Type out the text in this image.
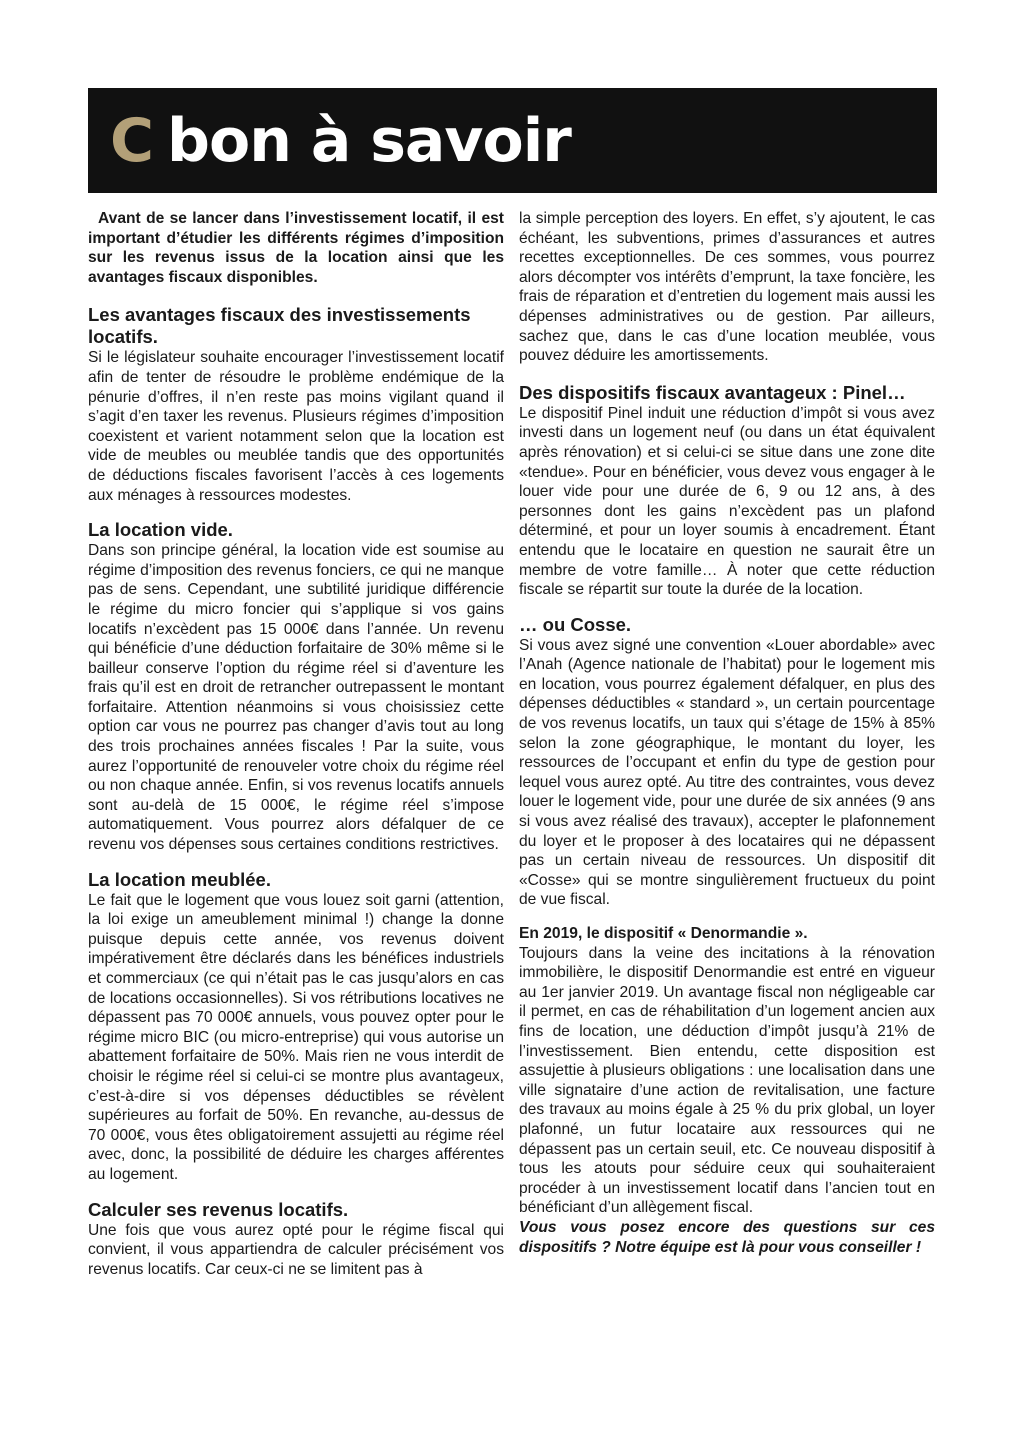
C bon à savoir

Avant de se lancer dans l’investissement locatif, il est important d’étudier les différents régimes d’imposition sur les revenus issus de la location ainsi que les avantages fiscaux disponibles.

Les avantages fiscaux des investissements locatifs.

Si le législateur souhaite encourager l’investissement locatif afin de tenter de résoudre le problème endémique de la pénurie d’offres, il n’en reste pas moins vigilant quand il s’agit d’en taxer les revenus. Plusieurs régimes d’imposition coexistent et varient notamment selon que la location est vide de meubles ou meublée tandis que des opportunités de déductions fiscales favorisent l’accès à ces logements aux ménages à ressources modestes.

La location vide.

Dans son principe général, la location vide est soumise au régime d’imposition des revenus fonciers, ce qui ne manque pas de sens. Cependant, une subtilité juridique différencie le régime du micro foncier qui s’applique si vos gains locatifs n’excèdent pas 15 000€ dans l’année. Un revenu qui bénéficie d’une déduction forfaitaire de 30% même si le bailleur conserve l’option du régime réel si d’aventure les frais qu’il est en droit de retrancher outrepassent le montant forfaitaire. Attention néanmoins si vous choisissiez cette option car vous ne pourrez pas changer d’avis tout au long des trois prochaines années fiscales ! Par la suite, vous aurez l’opportunité de renouveler votre choix du régime réel ou non chaque année. Enfin, si vos revenus locatifs annuels sont au-delà de 15 000€, le régime réel s’impose automatiquement. Vous pourrez alors défalquer de ce revenu vos dépenses sous certaines conditions restrictives.

La location meublée.

Le fait que le logement que vous louez soit garni (attention, la loi exige un ameublement minimal !) change la donne puisque depuis cette année, vos revenus doivent impérativement être déclarés dans les bénéfices industriels et commerciaux (ce qui n’était pas le cas jusqu’alors en cas de locations occasionnelles). Si vos rétributions locatives ne dépassent pas 70 000€ annuels, vous pouvez opter pour le régime micro BIC (ou micro-entreprise) qui vous autorise un abattement forfaitaire de 50%. Mais rien ne vous interdit de choisir le régime réel si celui-ci se montre plus avantageux, c’est-à-dire si vos dépenses déductibles se révèlent supérieures au forfait de 50%. En revanche, au-dessus de 70 000€, vous êtes obligatoirement assujetti au régime réel avec, donc, la possibilité de déduire les charges afférentes au logement.

Calculer ses revenus locatifs.

Une fois que vous aurez opté pour le régime fiscal qui convient, il vous appartiendra de calculer précisément vos revenus locatifs. Car ceux-ci ne se limitent pas à

la simple perception des loyers. En effet, s’y ajoutent, le cas échéant, les subventions, primes d’assurances et autres recettes exceptionnelles. De ces sommes, vous pourrez alors décompter vos intérêts d’emprunt, la taxe foncière, les frais de réparation et d’entretien du logement mais aussi les dépenses administratives ou de gestion. Par ailleurs, sachez que, dans le cas d’une location meublée, vous pouvez déduire les amortissements.

Des dispositifs fiscaux avantageux : Pinel…

Le dispositif Pinel induit une réduction d’impôt si vous avez investi dans un logement neuf (ou dans un état équivalent après rénovation) et si celui-ci se situe dans une zone dite «tendue». Pour en bénéficier, vous devez vous engager à le louer vide pour une durée de 6, 9 ou 12 ans, à des personnes dont les gains n’excèdent pas un plafond déterminé, et pour un loyer soumis à encadrement. Étant entendu que le locataire en question ne saurait être un membre de votre famille… À noter que cette réduction fiscale se répartit sur toute la durée de la location.

… ou Cosse.

Si vous avez signé une convention «Louer abordable» avec l’Anah (Agence nationale de l’habitat) pour le logement mis en location, vous pourrez également défalquer, en plus des dépenses déductibles « standard », un certain pourcentage de vos revenus locatifs, un taux qui s’étage de 15% à 85% selon la zone géographique, le montant du loyer, les ressources de l’occupant et enfin du type de gestion pour lequel vous aurez opté. Au titre des contraintes, vous devez louer le logement vide, pour une durée de six années (9 ans si vous avez réalisé des travaux), accepter le plafonnement du loyer et le proposer à des locataires qui ne dépassent pas un certain niveau de ressources. Un dispositif dit «Cosse» qui se montre singulièrement fructueux du point de vue fiscal.

En 2019, le dispositif « Denormandie ».

Toujours dans la veine des incitations à la rénovation immobilière, le dispositif Denormandie est entré en vigueur au 1er janvier 2019. Un avantage fiscal non négligeable car il permet, en cas de réhabilitation d’un logement ancien aux fins de location, une déduction d’impôt jusqu’à 21% de l’investissement. Bien entendu, cette disposition est assujettie à plusieurs obligations : une localisation dans une ville signataire d’une action de revitalisation, une facture des travaux au moins égale à 25 % du prix global, un loyer plafonné, un futur locataire aux ressources qui ne dépassent pas un certain seuil, etc. Ce nouveau dispositif à tous les atouts pour séduire ceux qui souhaiteraient procéder à un investissement locatif dans l’ancien tout en bénéficiant d’un allègement fiscal.

Vous vous posez encore des questions sur ces dispositifs ? Notre équipe est là pour vous conseiller !
